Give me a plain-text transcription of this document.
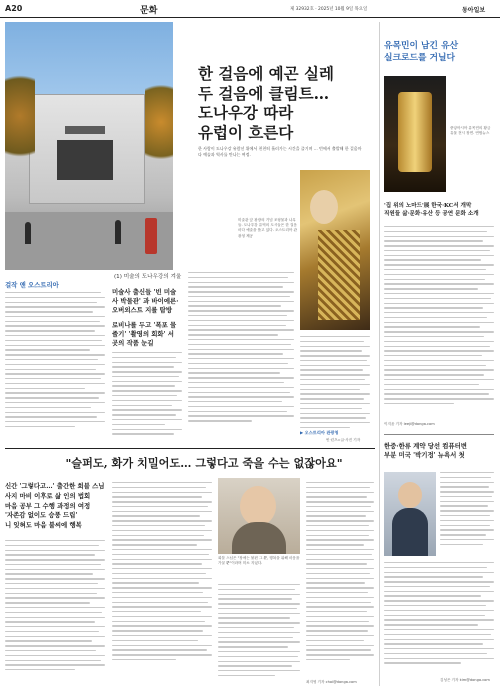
A20	문화	제 32932호 · 2025년 10월 9일 목요일	동아일보
한 걸음에 예곤 실레
두 걸음에 클림트…
도나우강 따라
유럽이 흐른다
한 사람이 도나우강 유람선 위에서 천천히 흘러가는 시간을 즐기며 … 빈에서 출발해 한 걸음마다 예술과 역사를 만나는 여정.
미술관 앞 광장의 기념 조형물과 나무들. 도나우강 유역의 도시들은 한 걸음마다 예술을 품고 있다. 오스트리아 관광청 제공
걸작 앤 오스트리아
(1) 미술의 도나우강의 겨울
미술사 출신들 '빈 미술사 박물관' 과 바이에른·오버외스트 지를 탐방
로비나를 두고 '폭포 물줄기' '촬영의 회화' 서 곳의 작품 눈길
▶ 오스트리아 관광청
빈·린츠=글·사진 기자
"슬퍼도, 화가 치밀어도… 그렇다고 죽을 수는 없잖아요"
신간 '그렇다고…' 출간한 희블 스님
사지 마비 이후로 삶 인의 법회
마음 공부 그 수행 과정의 여정
'자존감 없이도 승풍 드립'
니 잊혀도 마음 불씨에 행복
희블 스님은 "장애는 불편 그 뿐, 행복을 위해 마음을 가꿀 뿐"이라며 미소 지었다.
최지영 기자 choi@donga.com
유목민이 남긴 유산
실크로드를 거닐다
중앙아시아 유목민의 황금 유물 전시 장면. 연합뉴스
'집 위의 노마드'展 한국·KC서 개막
직원들 삶·문화·유산 등 공연 문화 소개
이지윤 기자 leeji@donga.com
한중·한류 계약 당선 컴퓨터변
부분 미국 '박기정' 뉴욕서 첫
김성은 기자 kim@donga.com
